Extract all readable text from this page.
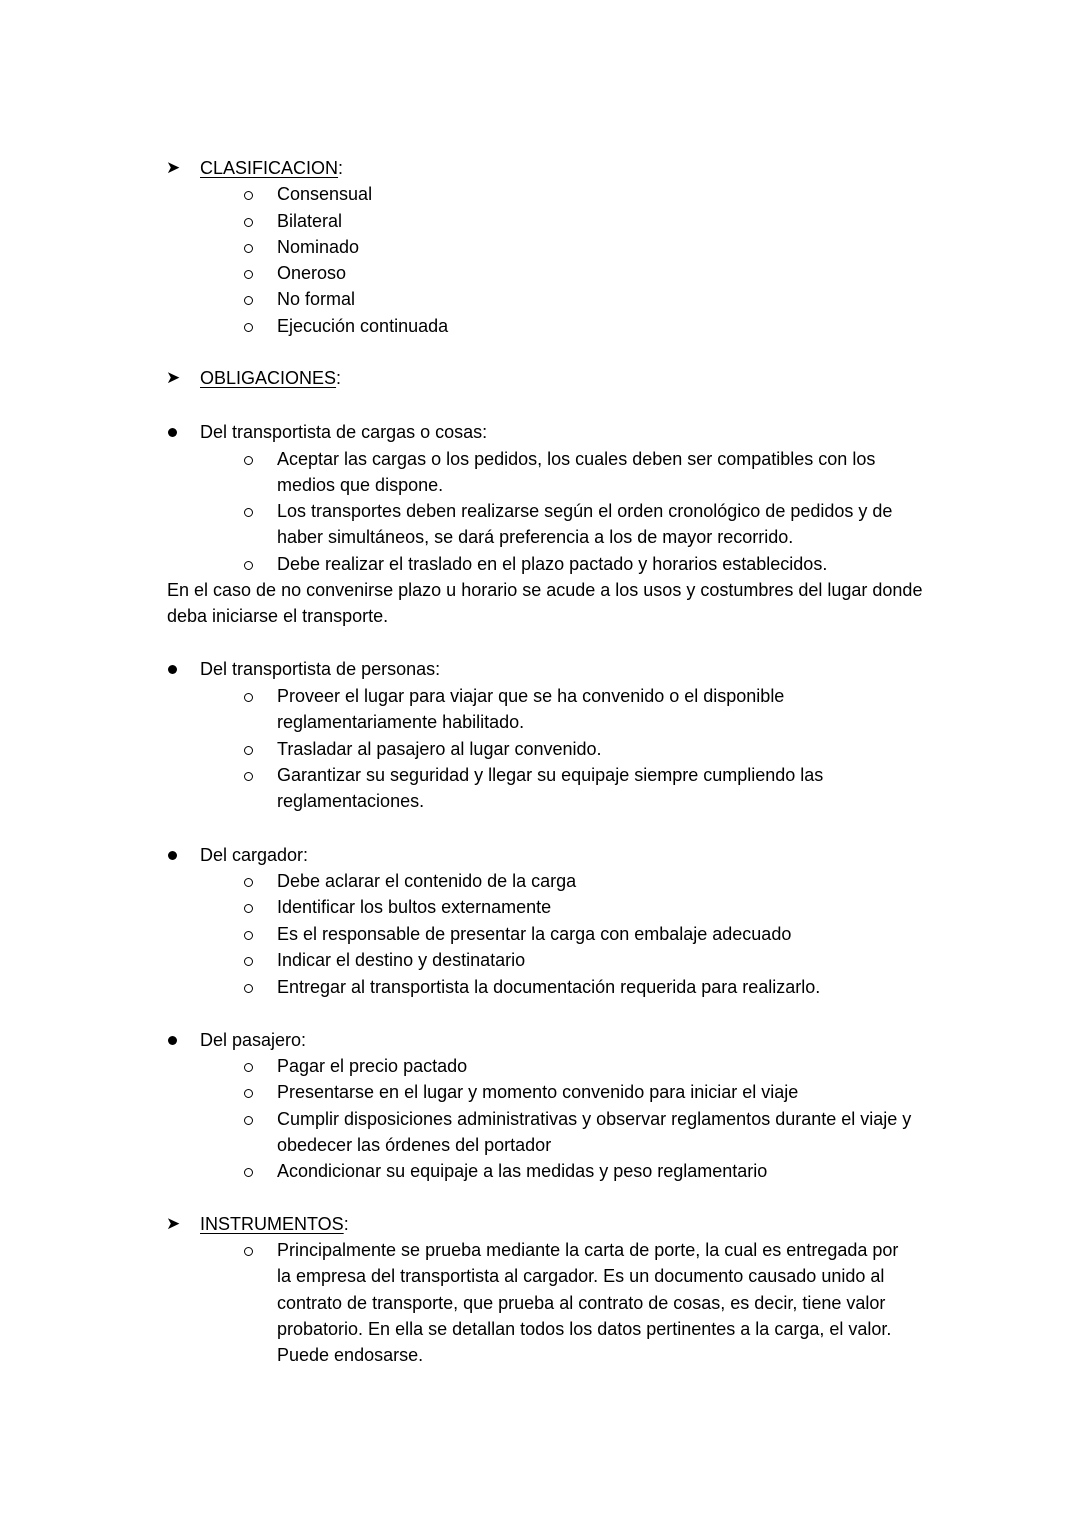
➤ CLASIFICACION:
Consensual
Bilateral
Nominado
Oneroso
No formal
Ejecución continuada
➤ OBLIGACIONES:
Del transportista de cargas o cosas:
Aceptar las cargas o los pedidos, los cuales deben ser compatibles con los
medios que dispone.
Los transportes deben realizarse según el orden cronológico de pedidos y de
haber simultáneos, se dará preferencia a los de mayor recorrido.
Debe realizar el traslado en el plazo pactado y horarios establecidos.
En el caso de no convenirse plazo u horario se acude a los usos y costumbres del lugar donde
deba iniciarse el transporte.
Del transportista de personas:
Proveer el lugar para viajar que se ha convenido o el disponible
reglamentariamente habilitado.
Trasladar al pasajero al lugar convenido.
Garantizar su seguridad y llegar su equipaje siempre cumpliendo las
reglamentaciones.
Del cargador:
Debe aclarar el contenido de la carga
Identificar los bultos externamente
Es el responsable de presentar la carga con embalaje adecuado
Indicar el destino y destinatario
Entregar al transportista la documentación requerida para realizarlo.
Del pasajero:
Pagar el precio pactado
Presentarse en el lugar y momento convenido para iniciar el viaje
Cumplir disposiciones administrativas y observar reglamentos durante el viaje y
obedecer las órdenes del portador
Acondicionar su equipaje a las medidas y peso reglamentario
➤ INSTRUMENTOS:
Principalmente se prueba mediante la carta de porte, la cual es entregada por
la empresa del transportista al cargador. Es un documento causado unido al
contrato de transporte, que prueba al contrato de cosas, es decir, tiene valor
probatorio. En ella se detallan todos los datos pertinentes a la carga, el valor.
Puede endosarse.
